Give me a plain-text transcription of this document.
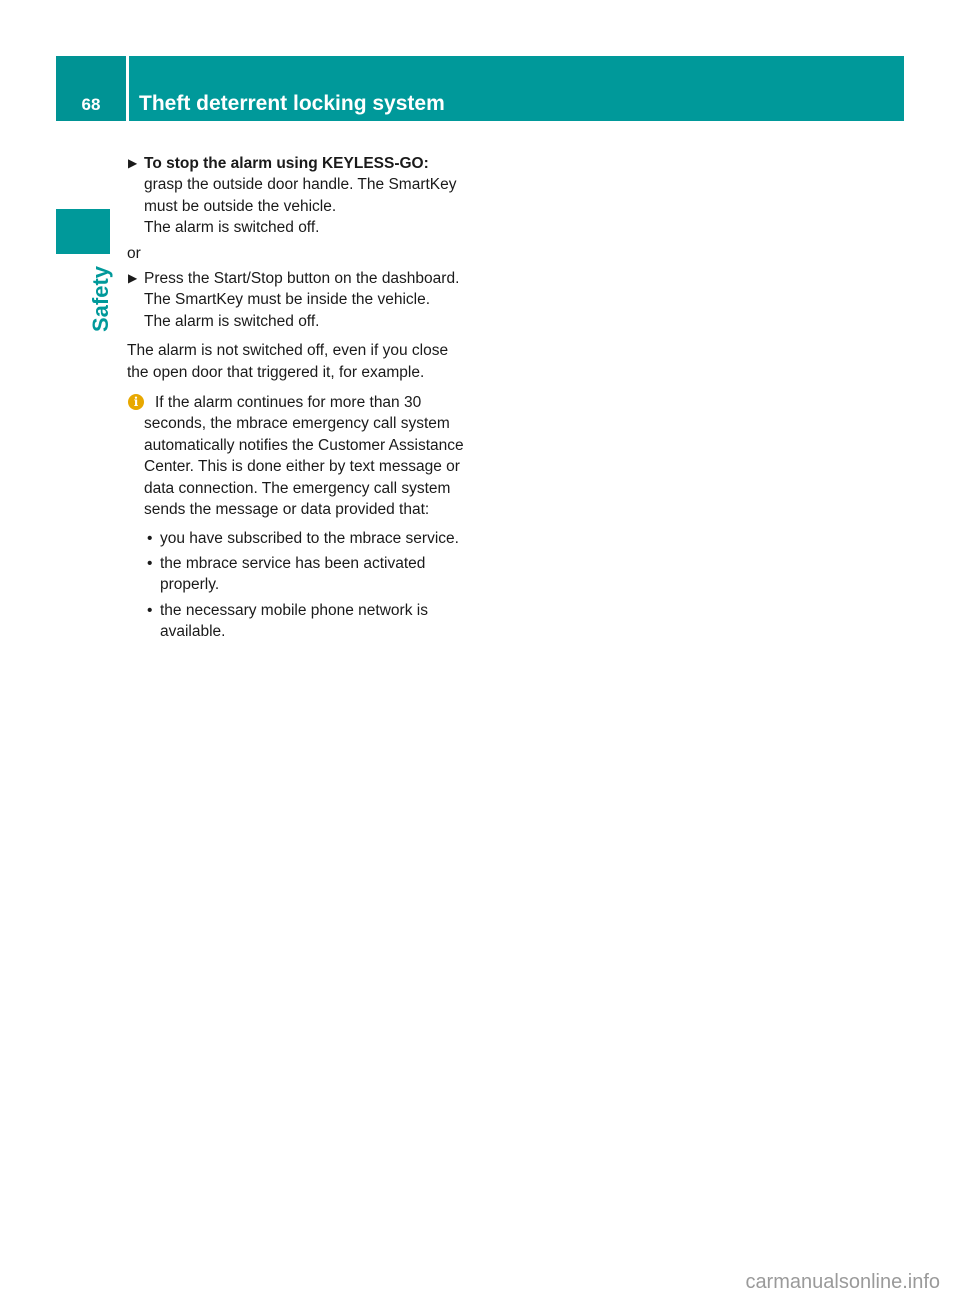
68	Theft deterrent locking system
Safety
▶ To stop the alarm using KEYLESS-GO: grasp the outside door handle. The SmartKey must be outside the vehicle.
The alarm is switched off.
or
▶ Press the Start/Stop button on the dashboard. The SmartKey must be inside the vehicle.
The alarm is switched off.
The alarm is not switched off, even if you close the open door that triggered it, for example.
i	If the alarm continues for more than 30 seconds, the mbrace emergency call system automatically notifies the Customer Assistance Center. This is done either by text message or data connection. The emergency call system sends the message or data provided that:
• you have subscribed to the mbrace service.
• the mbrace service has been activated properly.
• the necessary mobile phone network is available.
carmanualsonline.info
